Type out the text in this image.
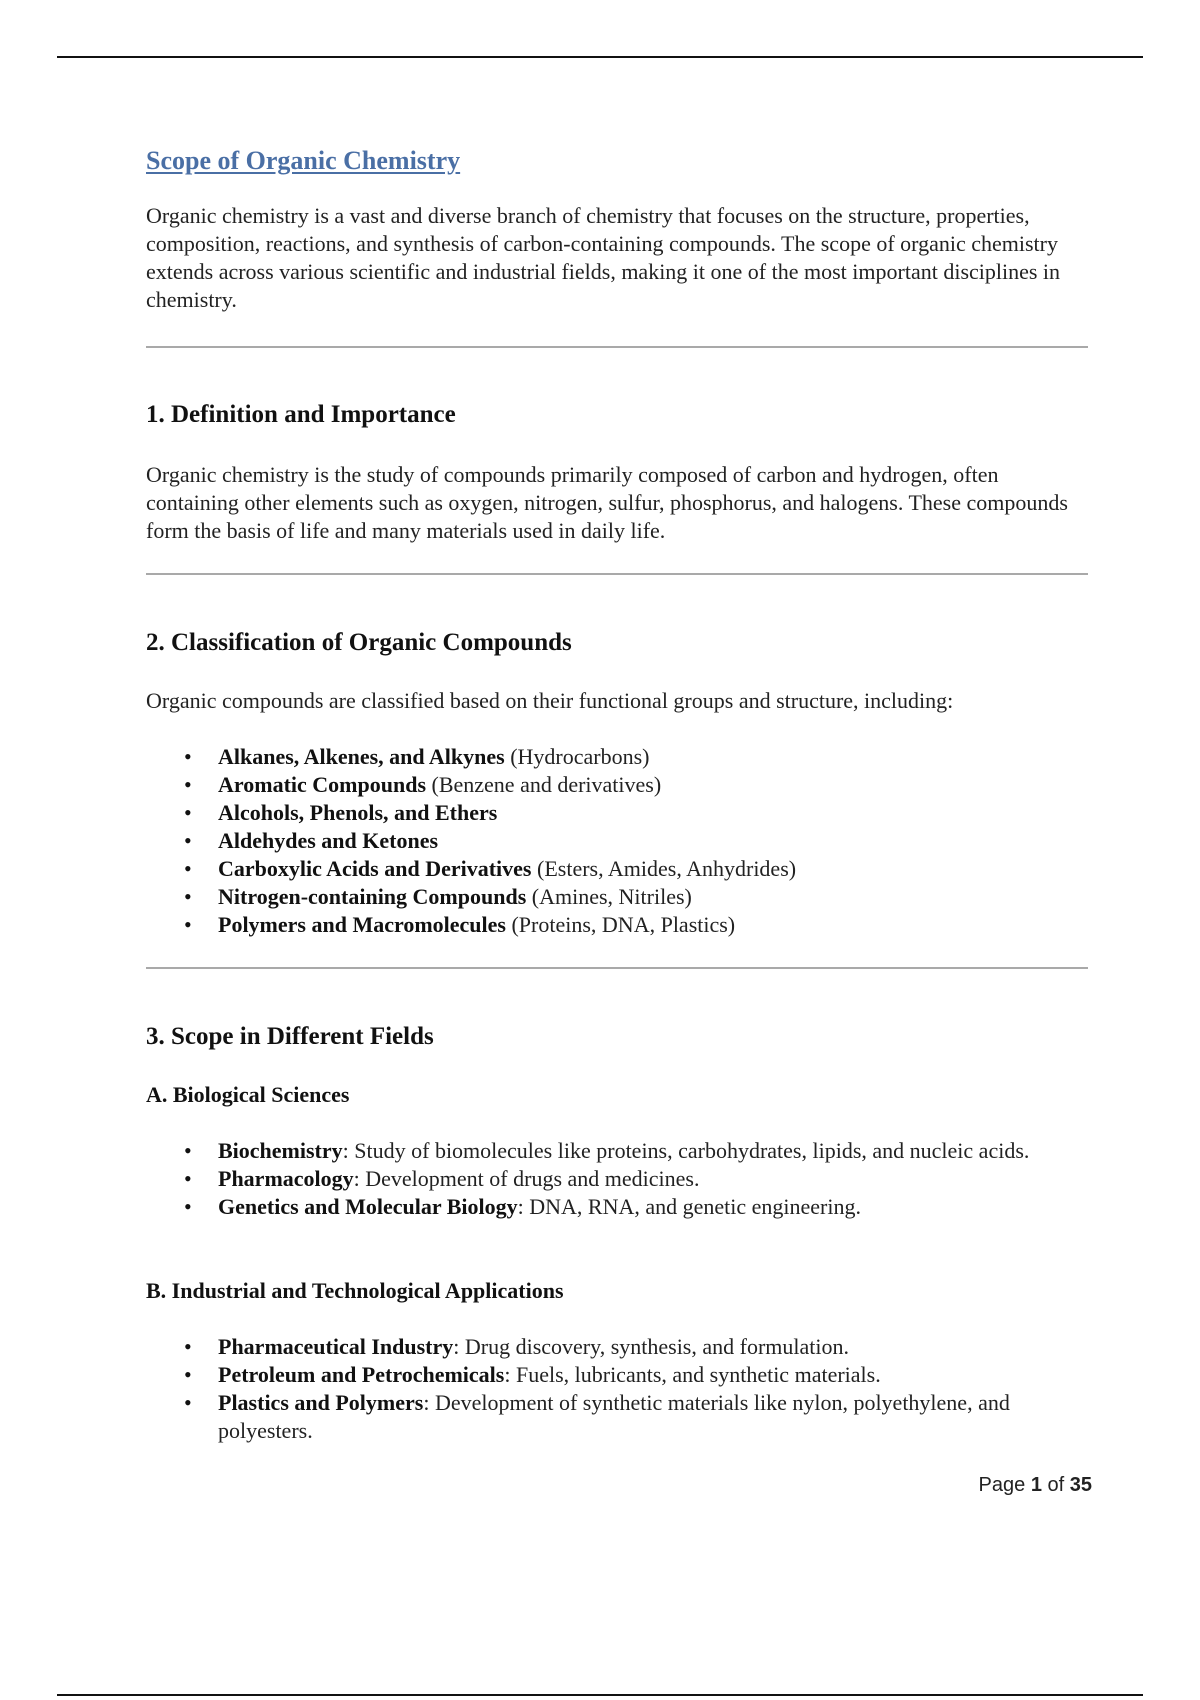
Scope of Organic Chemistry

Organic chemistry is a vast and diverse branch of chemistry that focuses on the structure, properties, composition, reactions, and synthesis of carbon-containing compounds. The scope of organic chemistry extends across various scientific and industrial fields, making it one of the most important disciplines in chemistry.

1. Definition and Importance

Organic chemistry is the study of compounds primarily composed of carbon and hydrogen, often containing other elements such as oxygen, nitrogen, sulfur, phosphorus, and halogens. These compounds form the basis of life and many materials used in daily life.

2. Classification of Organic Compounds

Organic compounds are classified based on their functional groups and structure, including:

• Alkanes, Alkenes, and Alkynes (Hydrocarbons)
• Aromatic Compounds (Benzene and derivatives)
• Alcohols, Phenols, and Ethers
• Aldehydes and Ketones
• Carboxylic Acids and Derivatives (Esters, Amides, Anhydrides)
• Nitrogen-containing Compounds (Amines, Nitriles)
• Polymers and Macromolecules (Proteins, DNA, Plastics)
3. Scope in Different Fields
A. Biological Sciences
• Biochemistry: Study of biomolecules like proteins, carbohydrates, lipids, and nucleic acids.
• Pharmacology: Development of drugs and medicines.
• Genetics and Molecular Biology: DNA, RNA, and genetic engineering.
B. Industrial and Technological Applications
• Pharmaceutical Industry: Drug discovery, synthesis, and formulation.
• Petroleum and Petrochemicals: Fuels, lubricants, and synthetic materials.
• Plastics and Polymers: Development of synthetic materials like nylon, polyethylene, and polyesters.
Page 1 of 35
